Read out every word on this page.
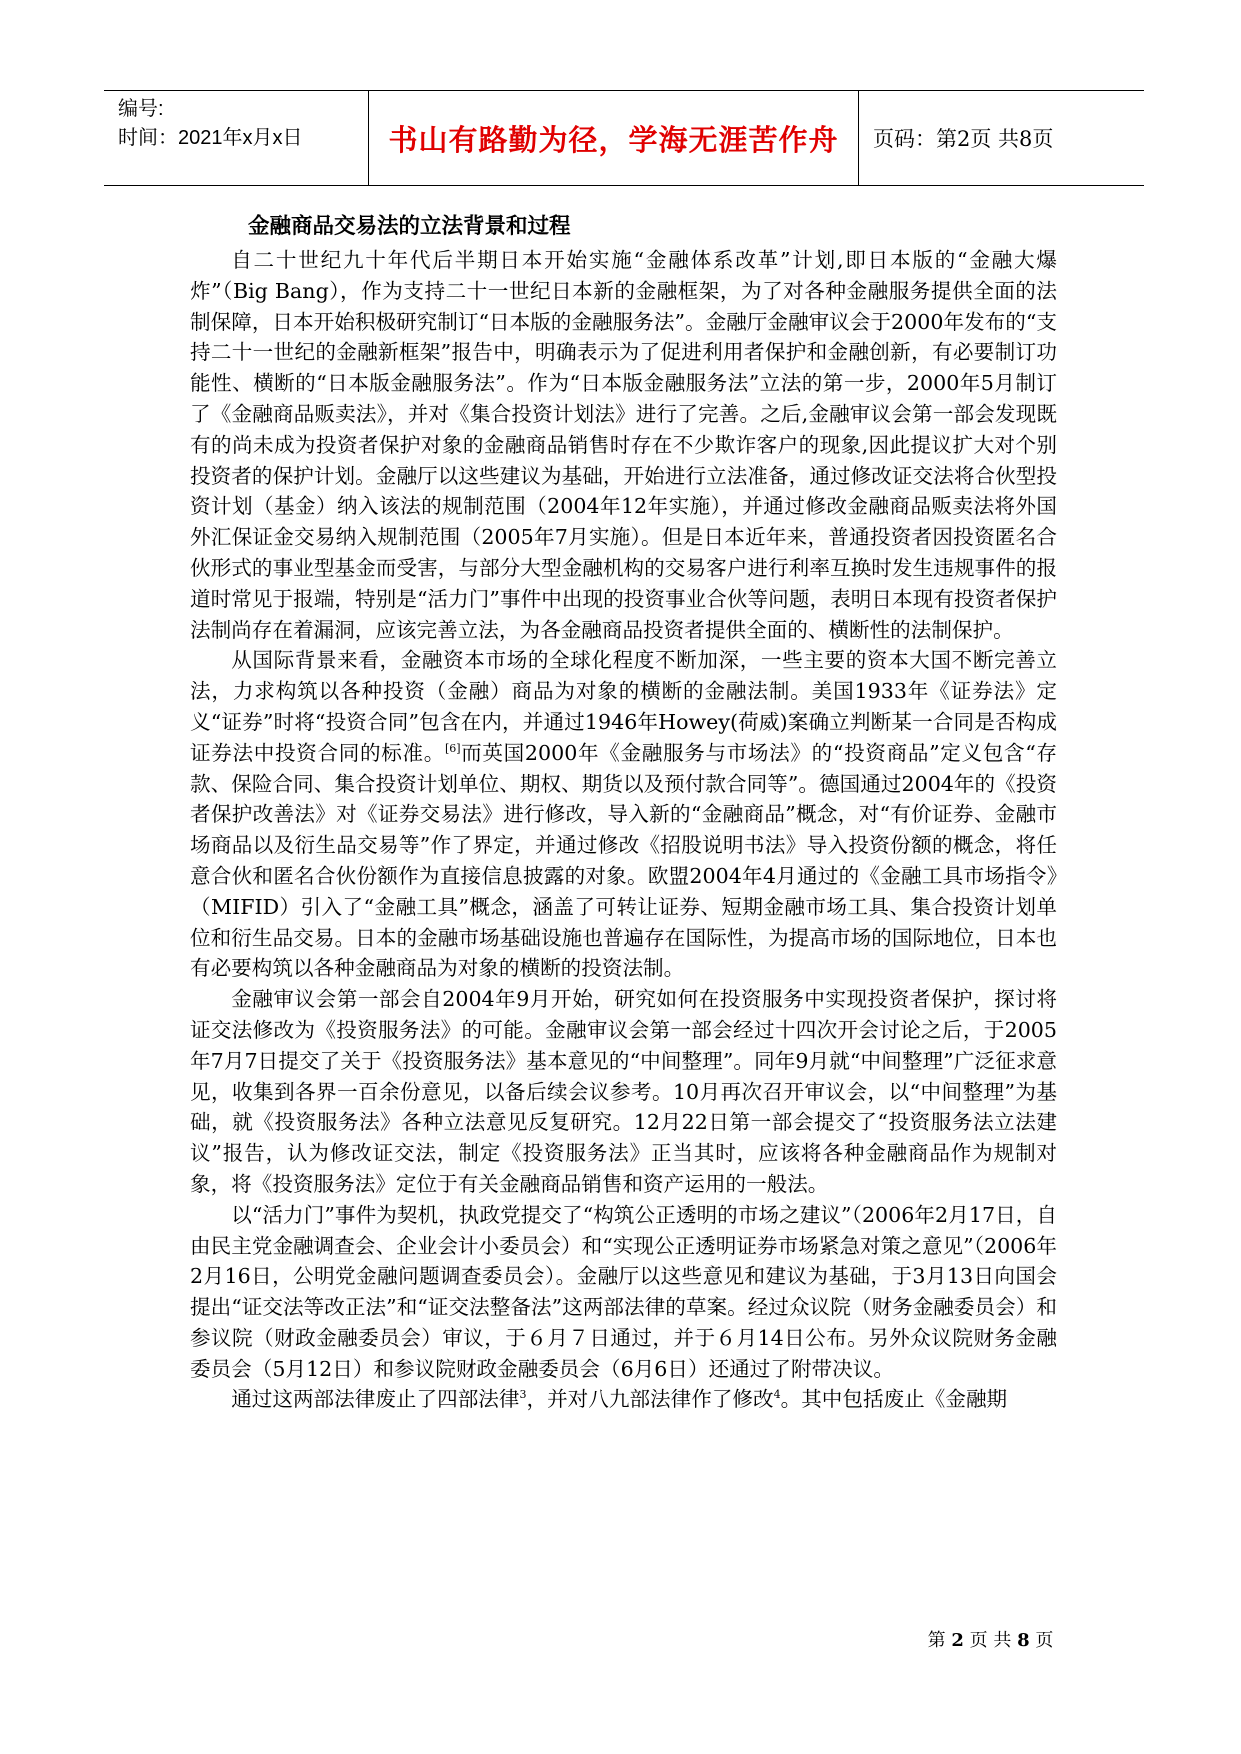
编号:
时间：2021年x月x日	书山有路勤为径，学海无涯苦作舟	页码：第2页 共8页
金融商品交易法的立法背景和过程

自二十世纪九十年代后半期日本开始实施“金融体系改革”计划,即日本版的“金融大爆炸”（Big Bang），作为支持二十一世纪日本新的金融框架，为了对各种金融服务提供全面的法制保障，日本开始积极研究制订“日本版的金融服务法”。金融厅金融审议会于2000年发布的“支持二十一世纪的金融新框架”报告中，明确表示为了促进利用者保护和金融创新，有必要制订功能性、横断的“日本版金融服务法”。作为“日本版金融服务法”立法的第一步，2000年5月制订了《金融商品贩卖法》，并对《集合投资计划法》进行了完善。之后,金融审议会第一部会发现既有的尚未成为投资者保护对象的金融商品销售时存在不少欺诈客户的现象,因此提议扩大对个别投资者的保护计划。金融厅以这些建议为基础，开始进行立法准备，通过修改证交法将合伙型投资计划（基金）纳入该法的规制范围（2004年12年实施），并通过修改金融商品贩卖法将外国外汇保证金交易纳入规制范围（2005年7月实施）。但是日本近年来，普通投资者因投资匿名合伙形式的事业型基金而受害，与部分大型金融机构的交易客户进行利率互换时发生违规事件的报道时常见于报端，特别是“活力门”事件中出现的投资事业合伙等问题，表明日本现有投资者保护法制尚存在着漏洞，应该完善立法，为各金融商品投资者提供全面的、横断性的法制保护。

从国际背景来看，金融资本市场的全球化程度不断加深，一些主要的资本大国不断完善立法，力求构筑以各种投资（金融）商品为对象的横断的金融法制。美国1933年《证券法》定义“证券”时将“投资合同”包含在内，并通过1946年Howey(荷威)案确立判断某一合同是否构成证券法中投资合同的标准。[6]而英国2000年《金融服务与市场法》的“投资商品”定义包含“存款、保险合同、集合投资计划单位、期权、期货以及预付款合同等”。德国通过2004年的《投资者保护改善法》对《证券交易法》进行修改，导入新的“金融商品”概念，对“有价证券、金融市场商品以及衍生品交易等”作了界定，并通过修改《招股说明书法》导入投资份额的概念，将任意合伙和匿名合伙份额作为直接信息披露的对象。欧盟2004年4月通过的《金融工具市场指令》（MIFID）引入了“金融工具”概念，涵盖了可转让证券、短期金融市场工具、集合投资计划单位和衍生品交易。日本的金融市场基础设施也普遍存在国际性，为提高市场的国际地位，日本也有必要构筑以各种金融商品为对象的横断的投资法制。

金融审议会第一部会自2004年9月开始，研究如何在投资服务中实现投资者保护，探讨将证交法修改为《投资服务法》的可能。金融审议会第一部会经过十四次开会讨论之后，于2005年7月7日提交了关于《投资服务法》基本意见的“中间整理”。同年9月就“中间整理”广泛征求意见，收集到各界一百余份意见，以备后续会议参考。10月再次召开审议会，以“中间整理”为基础，就《投资服务法》各种立法意见反复研究。12月22日第一部会提交了“投资服务法立法建议”报告，认为修改证交法，制定《投资服务法》正当其时，应该将各种金融商品作为规制对象，将《投资服务法》定位于有关金融商品销售和资产运用的一般法。

以“活力门”事件为契机，执政党提交了“构筑公正透明的市场之建议”（2006年2月17日，自由民主党金融调查会、企业会计小委员会）和“实现公正透明证券市场紧急对策之意见”（2006年2月16日，公明党金融问题调查委员会）。金融厅以这些意见和建议为基础，于3月13日向国会提出“证交法等改正法”和“证交法整备法”这两部法律的草案。经过众议院（财务金融委员会）和参议院（财政金融委员会）审议，于６月７日通过，并于６月14日公布。另外众议院财务金融委员会（5月12日）和参议院财政金融委员会（6月6日）还通过了附带决议。

通过这两部法律废止了四部法律$^3$，并对八九部法律作了修改$^4$。其中包括废止《金融期

第 2 页 共 8 页
